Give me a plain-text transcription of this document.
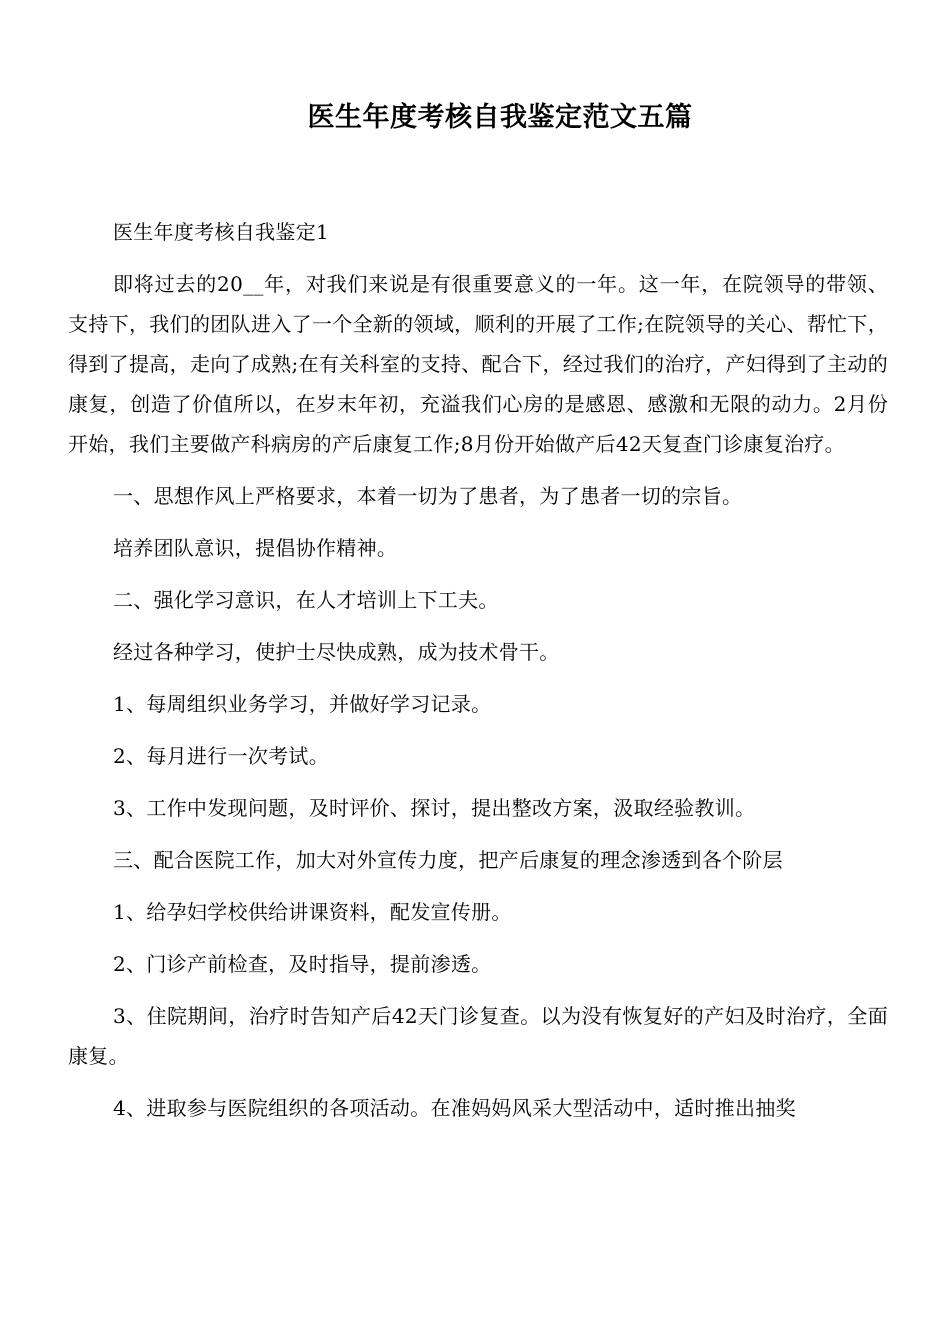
医生年度考核自我鉴定范文五篇

医生年度考核自我鉴定1

即将过去的20__年，对我们来说是有很重要意义的一年。这一年，在院领导的带领、支持下，我们的团队进入了一个全新的领域，顺利的开展了工作;在院领导的关心、帮忙下，得到了提高，走向了成熟;在有关科室的支持、配合下，经过我们的治疗，产妇得到了主动的康复，创造了价值所以，在岁末年初，充溢我们心房的是感恩、感激和无限的动力。2月份开始，我们主要做产科病房的产后康复工作;8月份开始做产后42天复查门诊康复治疗。

一、思想作风上严格要求，本着一切为了患者，为了患者一切的宗旨。

培养团队意识，提倡协作精神。

二、强化学习意识，在人才培训上下工夫。

经过各种学习，使护士尽快成熟，成为技术骨干。

1、每周组织业务学习，并做好学习记录。

2、每月进行一次考试。

3、工作中发现问题，及时评价、探讨，提出整改方案，汲取经验教训。

三、配合医院工作，加大对外宣传力度，把产后康复的理念渗透到各个阶层

1、给孕妇学校供给讲课资料，配发宣传册。

2、门诊产前检查，及时指导，提前渗透。

3、住院期间，治疗时告知产后42天门诊复查。以为没有恢复好的产妇及时治疗，全面康复。

4、进取参与医院组织的各项活动。在准妈妈风采大型活动中，适时推出抽奖
